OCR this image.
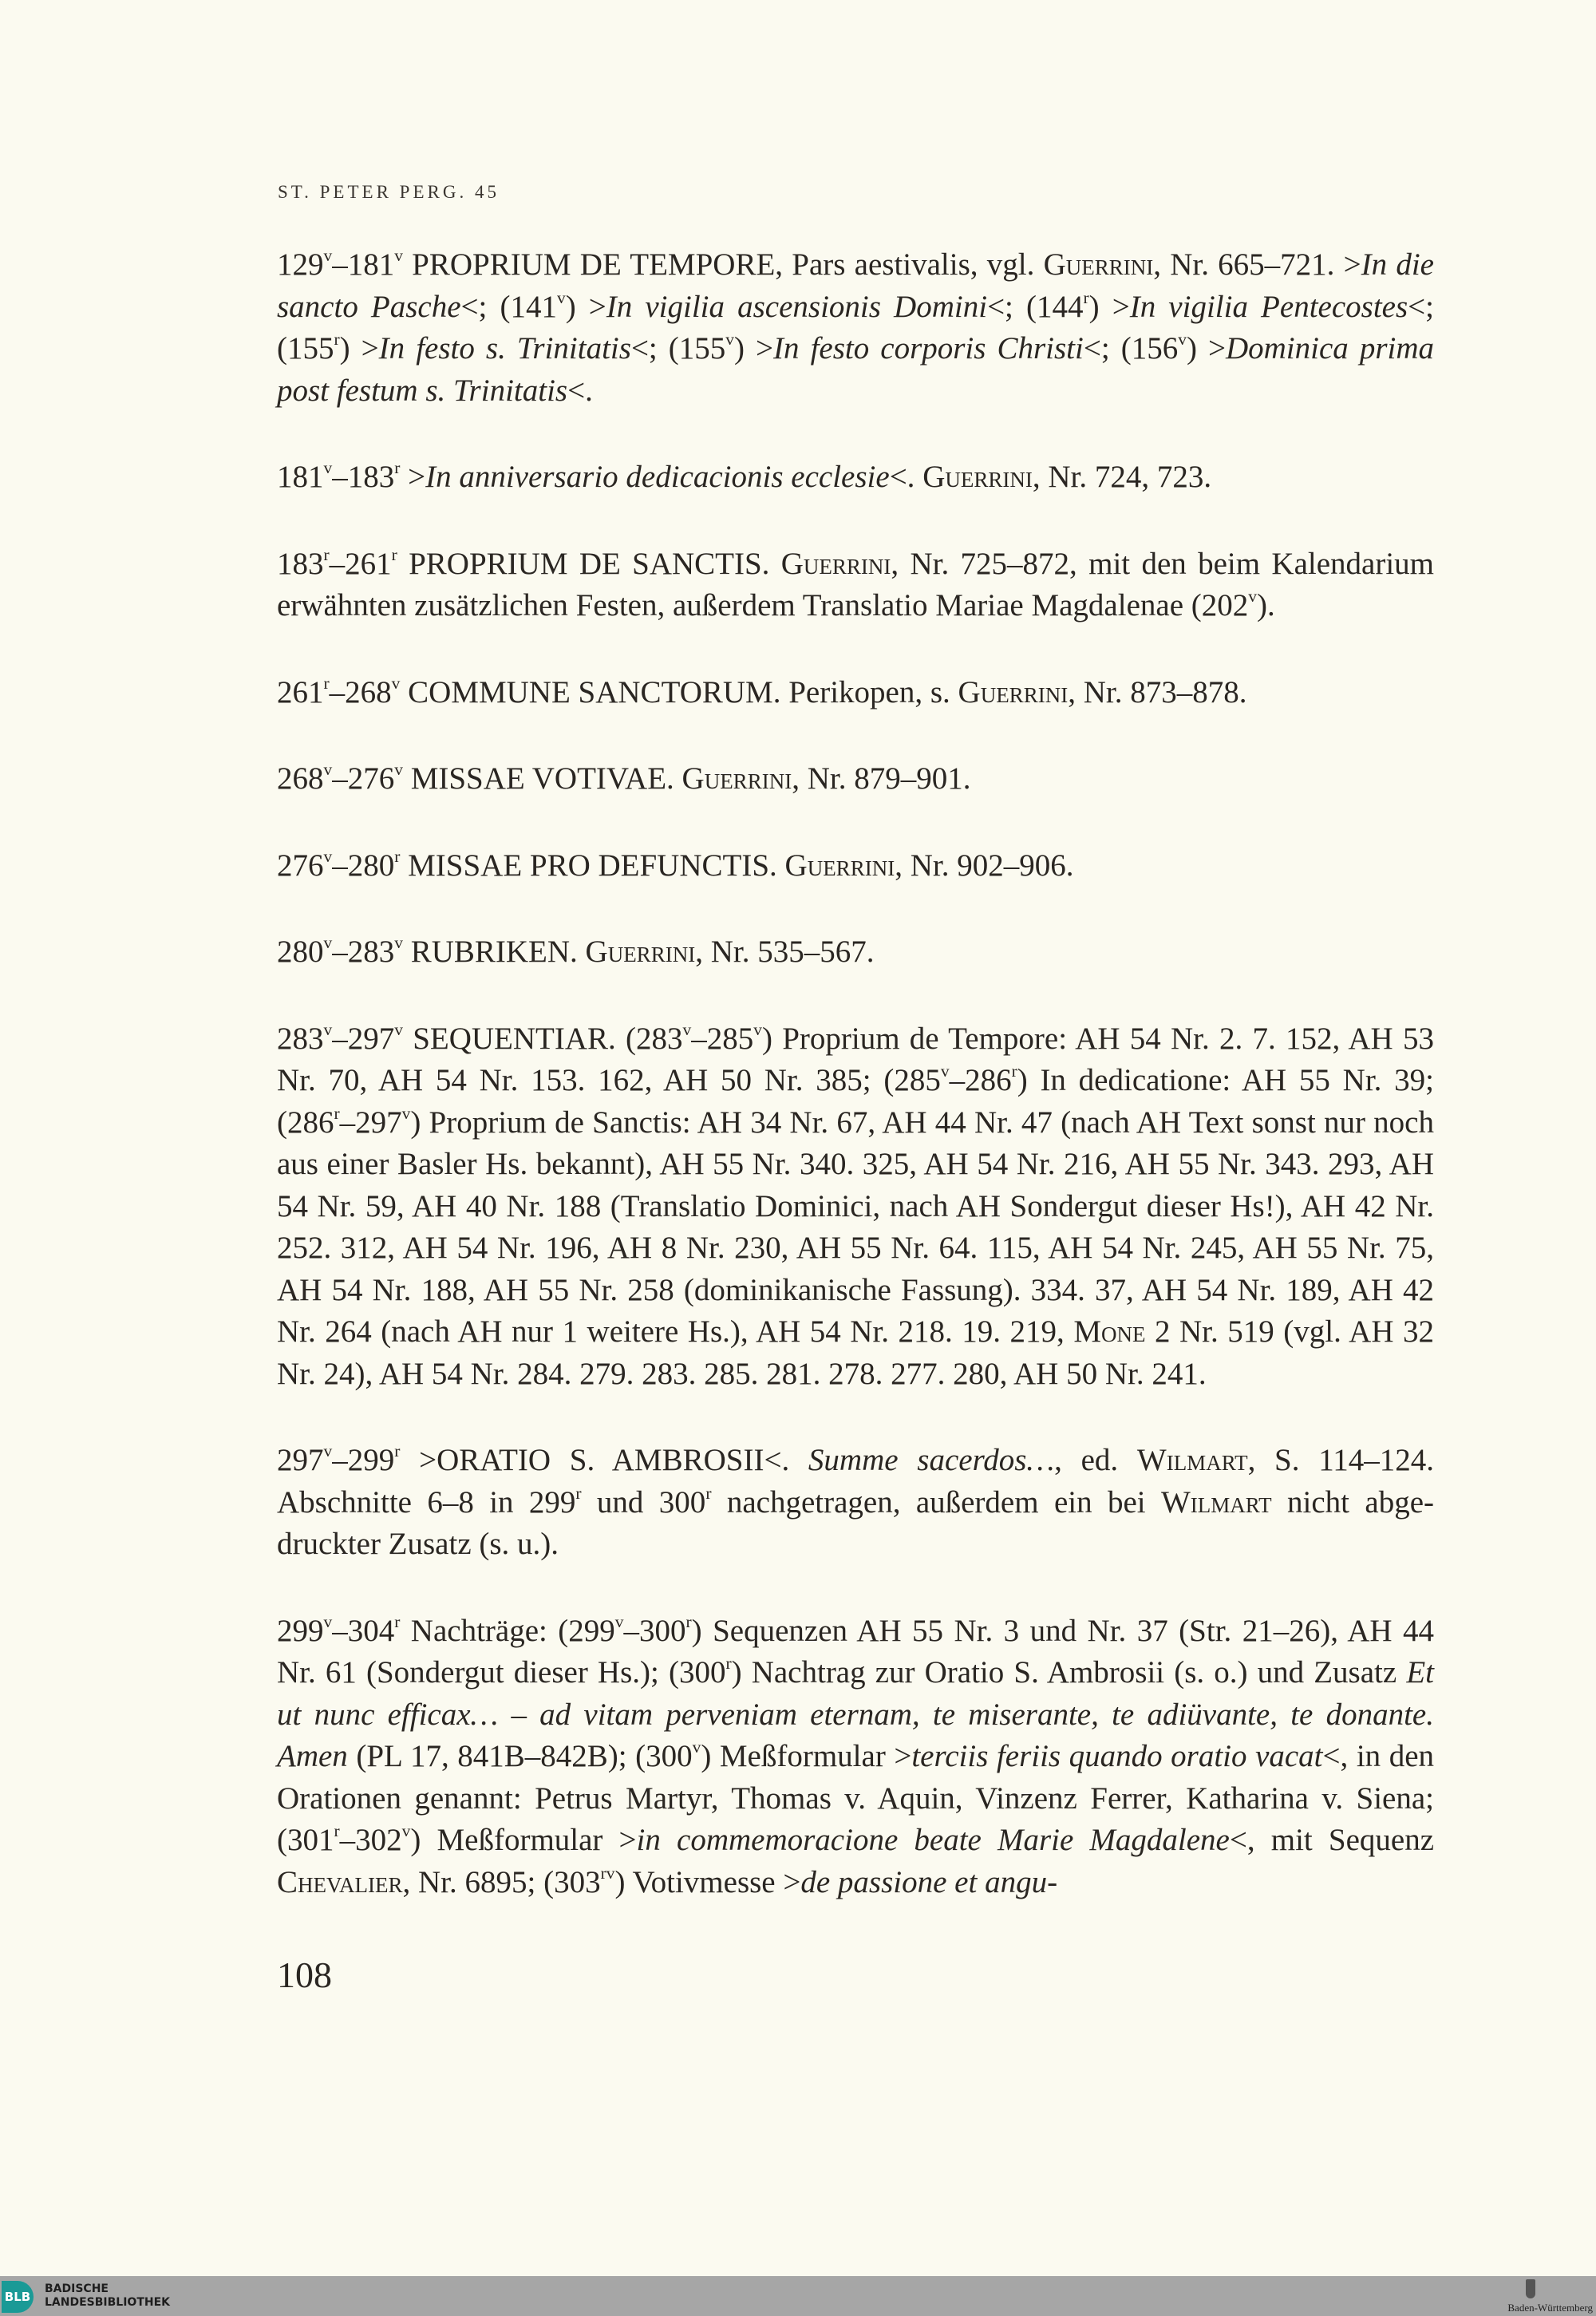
ST. PETER PERG. 45

129$^v$–181$^v$ PROPRIUM DE TEMPORE, Pars aestivalis, vgl. Guerrini, Nr. 665–721. >In die sancto Pasche<; $(141^v) >In$ vigilia ascensionis Domini<; $(144^r) >In$ vigilia Pentecostes<; $(155^r) >In$ festo s. Trinitatis<; $(155^v) >In$ festo corporis Christi<; $(156^v)$ >Dominica prima post festum s. Trinitatis<.

$181^v-183^r >In$ anniversario dedicacionis ecclesie<. Guerrini, Nr. 724, 723.

183$^r$–261$^r$ PROPRIUM DE SANCTIS. Guerrini, Nr. 725–872, mit den beim Kalendarium erwähnten zusätzlichen Festen, außerdem Translatio Mariae Magdalenae (202$^v$).

261$^r$–268$^v$ COMMUNE SANCTORUM. Perikopen, s. Guerrini, Nr. 873–878.

268$^v$–276$^v$ MISSAE VOTIVAE. Guerrini, Nr. 879–901.

276$^v$–280$^r$ MISSAE PRO DEFUNCTIS. Guerrini, Nr. 902–906.

280$^v$–283$^v$ RUBRIKEN. Guerrini, Nr. 535–567.

283$^v$–297$^v$ SEQUENTIAR. (283$^v$–285$^v$) Proprium de Tempore: AH 54 Nr. 2. 7. 152, AH 53 Nr. 70, AH 54 Nr. 153. 162, AH 50 Nr. 385; (285$^v$–286$^r$) In dedicatione: AH 55 Nr. 39; (286$^r$–297$^v$) Proprium de Sanctis: AH 34 Nr. 67, AH 44 Nr. 47 (nach AH Text sonst nur noch aus einer Basler Hs. bekannt), AH 55 Nr. 340. 325, AH 54 Nr. 216, AH 55 Nr. 343. 293, AH 54 Nr. 59, AH 40 Nr. 188 (Translatio Dominici, nach AH Sondergut dieser Hs!), AH 42 Nr. 252. 312, AH 54 Nr. 196, AH 8 Nr. 230, AH 55 Nr. 64. 115, AH 54 Nr. 245, AH 55 Nr. 75, AH 54 Nr. 188, AH 55 Nr. 258 (dominikanische Fassung). 334. 37, AH 54 Nr. 189, AH 42 Nr. 264 (nach AH nur 1 weitere Hs.), AH 54 Nr. 218. 19. 219, Mone 2 Nr. 519 (vgl. AH 32 Nr. 24), AH 54 Nr. 284. 279. 283. 285. 281. 278. 277. 280, AH 50 Nr. 241.

$297^v-299^r$ >ORATIO S. AMBROSII<. Summe sacerdos…, ed. Wilmart, S. 114–124. Abschnitte 6–8 in 299$^r$ und 300$^r$ nachgetragen, außerdem ein bei Wilmart nicht abgedruckter Zusatz (s. u.).

299$^v$–304$^r$ Nachträge: (299$^v$–300$^r$) Sequenzen AH 55 Nr. 3 und Nr. 37 (Str. 21–26), AH 44 Nr. 61 (Sondergut dieser Hs.); (300$^r$) Nachtrag zur Oratio S. Ambrosii (s. o.) und Zusatz Et ut nunc efficax… – ad vitam perveniam eternam, te miserante, te adiüvante, te donante. Amen (PL 17, 841B–842B); (300$^v$) Meßformular >terciis feriis quando oratio vacat<, in den Orationen genannt: Petrus Martyr, Thomas v. Aquin, Vinzenz Ferrer, Katharina v. Siena; (301$^r$–302$^v$) Meßformular >in commemoracione beate Marie Magdalene<, mit Sequenz Chevalier, Nr. 6895; $(303^{rv})$ Votivmesse >de passione et angu-

108
BLB
BADISCHE
LANDESBIBLIOTHEK	Baden-Württemberg
